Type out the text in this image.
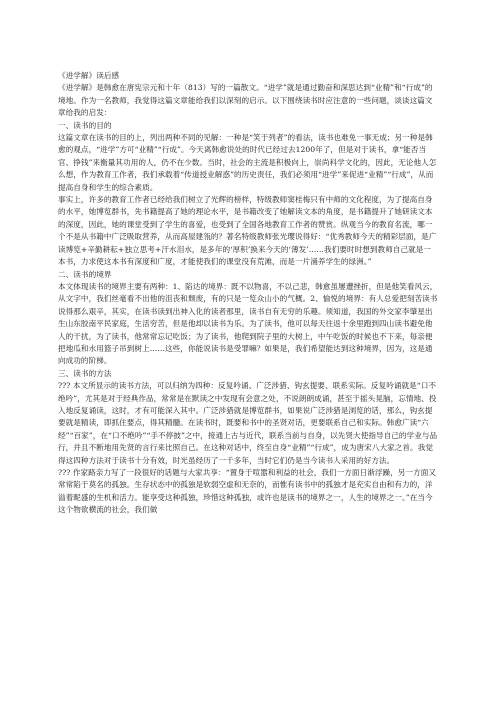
《进学解》读后感

《进学解》是韩愈在唐宪宗元和十年（813）写的一篇散文。“进学”就是通过勤奋和深思达到“业精”和“行成”的境地。作为一名教师，我觉得这篇文章能给我们以深刻的启示。以下围绕读书时应注意的一些问题，谈谈这篇文章给我的启发：

一、读书的目的

这篇文章在读书的目的上，列出两种不同的见解：一种是“笑于列者”的看法，读书也难免一事无成；另一种是韩愈的观点，“进学”方可“业精”“行成”。今天离韩愈说处的时代已经过去1200年了，但是对于读书，拿“能否当官、挣钱”来衡量其功用的人，仍不在少数。当时，社会的主流是积极向上，崇尚科学文化的，因此，无论他人怎么想，作为教育工作者，我们承载着“传道授业解惑”的历史责任，我们必须用“进学”来促进“业精”“行成”，从而提高自身和学生的综合素质。

事实上，许多的教育工作者已经给我们树立了光辉的榜样，特级教师窦桂梅只有中师的文化程度，为了提高自身的水平，她博览群书，先书籍提高了她的理论水平，是书籍改变了她解读文本的角度，是书籍提升了她研读文本的深度，因此，她的课堂受到了学生的喜爱，也受到了全国各地教育工作者的赞赏。纵观当今的教育名流，哪一个不是从书籍中广泛吸取营养，从而高屋建瓴的？著名特级教师张光璎说得好：“优秀教师今天的精彩层面，是广读博览+辛勤耕耘+独立思考+汗水泪水，是多年的‘厚积’换来今天的‘薄发’……我们要时时想到教师自己就是一本书，力求使这本书有深度和广度，才能使我们的课堂没有荒滩，而是一片涌养学生的绿洲。”

二、读书的境界

本文体现读书的境界主要有两种：1、陷达的境界：既不以物喜，不以己悲，韩愈虽屡遭挫折，但是他笑看风云，从文字中，我们丝毫看不出他的沮丧和颓废，有的只是一览众山小的气概。2、愉悦的境界：有人总爱把刻苦读书说得那么艰辛，其实，在读书读到出神入化的读者那里，读书自有无穷的乐趣。须知道，我国的外交家李肇星出生山东胶南平民家庭，生活穷苦，但是他却以读书为乐。为了读书，他可以每天往返十余里跑到四山读书避免他人的干扰，为了读书，他常常忘记吃饭；为了读书，他爬到院子里的大树上，中午吃饭的时候也不下来，每亲便把地瓜和水用篮子吊到树上……这些，你能说读书是受罪嘛？如果是，我们希望能达到这种境界，因为，这是通向成功的阶梯。

三、读书的方法

??? 本文所显示的读书方法，可以归纳为四种：反复吟诵、广泛涉猎、钩玄提要、联系实际。反复吟诵就是“口不绝吟”，尤其是对于经典作品，常常是在默读之中发现有会意之处，不说朗朗成诵，甚至于摇头晃脑，忘情地、投入地反复诵读，这时，才有可能深入其中。广泛涉猎就是博览群书，如果说广泛涉猎是浏览的话，那么，钩玄提要就是精读，即抓住要点，得其精髓。在读书时，既要和书中的圣贤对话，更要联系自己和实际。韩愈广读“六经”“百家”，在“口不绝吟”“手不停披”之中，接通上古与近代，联系当前与自身，以先贤大使指导自己的学业与品行，并且不断地用先贤的言行来比照自己。在这种对话中，终至自身“业精”“行成”，成为唐宋八大家之首。我觉得这四种方法对于读书十分有效，时光虽经历了一千多年，当时它们仍是当今读书人采用的好方法。

??? 作家路亲力写了一段很好的话题与大家共享：“置身于喧嚣和利益的社会，我们一方面日渐浮躁，另一方面又常常陷于莫名的孤独。生存状态中的孤独是软弱空虚和无奈的，而惟有读书中的孤独才是充实自由和有力的，洋溢着昵盛的生机和活力。能享受这种孤独，珍惜这种孤独，或许也是读书的境界之一，人生的境界之一。”在当今这个物欲横流的社会，我们做
